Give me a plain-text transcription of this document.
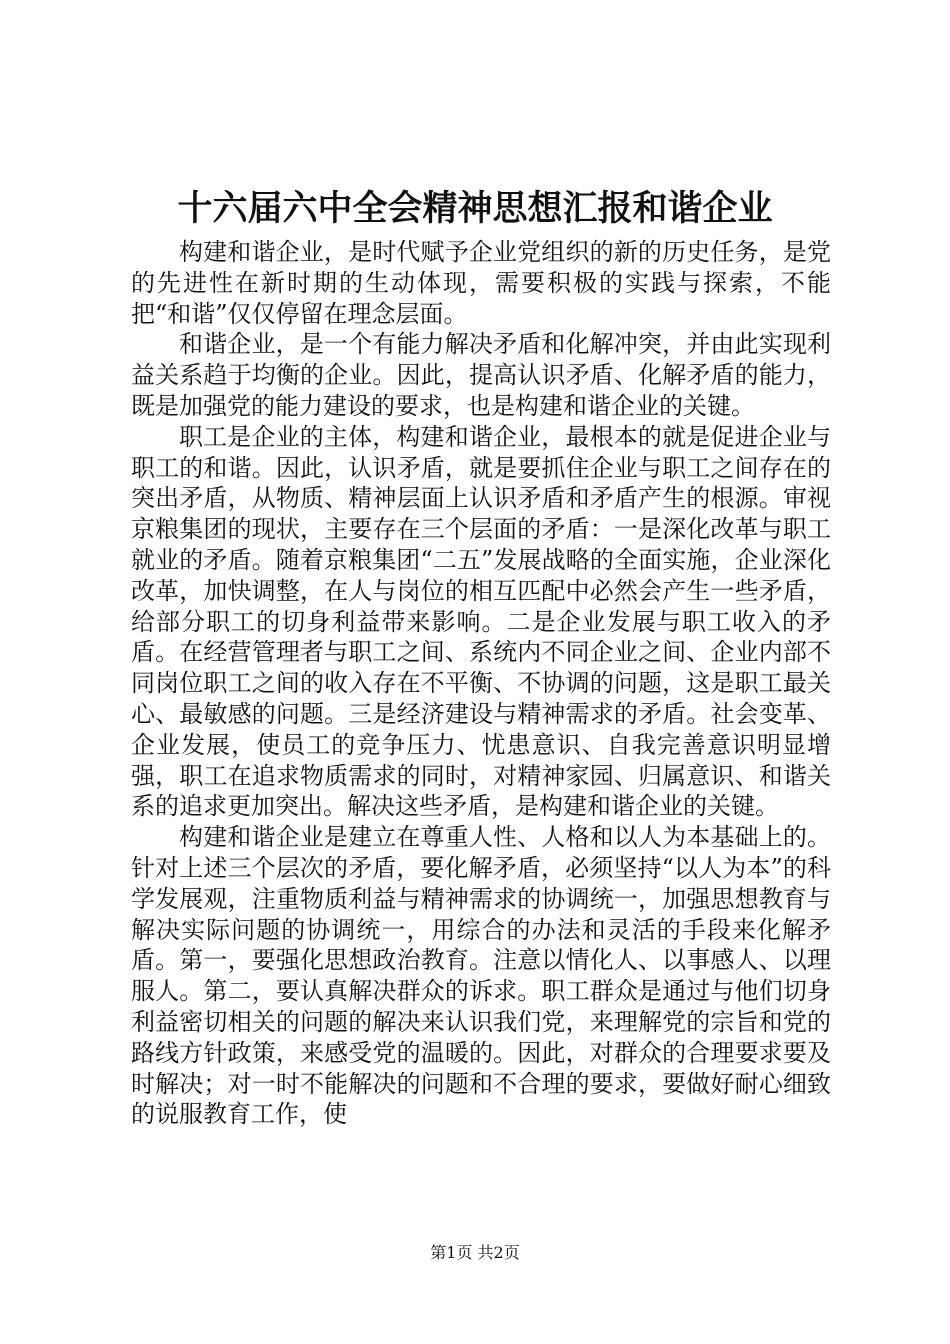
十六届六中全会精神思想汇报和谐企业

构建和谐企业，是时代赋予企业党组织的新的历史任务，是党的先进性在新时期的生动体现，需要积极的实践与探索，不能把“和谐”仅仅停留在理念层面。

和谐企业，是一个有能力解决矛盾和化解冲突，并由此实现利益关系趋于均衡的企业。因此，提高认识矛盾、化解矛盾的能力，既是加强党的能力建设的要求，也是构建和谐企业的关键。

职工是企业的主体，构建和谐企业，最根本的就是促进企业与职工的和谐。因此，认识矛盾，就是要抓住企业与职工之间存在的突出矛盾，从物质、精神层面上认识矛盾和矛盾产生的根源。审视京粮集团的现状，主要存在三个层面的矛盾：一是深化改革与职工就业的矛盾。随着京粮集团“二五”发展战略的全面实施，企业深化改革，加快调整，在人与岗位的相互匹配中必然会产生一些矛盾，给部分职工的切身利益带来影响。二是企业发展与职工收入的矛盾。在经营管理者与职工之间、系统内不同企业之间、企业内部不同岗位职工之间的收入存在不平衡、不协调的问题，这是职工最关心、最敏感的问题。三是经济建设与精神需求的矛盾。社会变革、企业发展，使员工的竞争压力、忧患意识、自我完善意识明显增强，职工在追求物质需求的同时，对精神家园、归属意识、和谐关系的追求更加突出。解决这些矛盾，是构建和谐企业的关键。

构建和谐企业是建立在尊重人性、人格和以人为本基础上的。针对上述三个层次的矛盾，要化解矛盾，必须坚持“以人为本”的科学发展观，注重物质利益与精神需求的协调统一，加强思想教育与解决实际问题的协调统一，用综合的办法和灵活的手段来化解矛盾。第一，要强化思想政治教育。注意以情化人、以事感人、以理服人。第二，要认真解决群众的诉求。职工群众是通过与他们切身利益密切相关的问题的解决来认识我们党，来理解党的宗旨和党的路线方针政策，来感受党的温暖的。因此，对群众的合理要求要及时解决；对一时不能解决的问题和不合理的要求，要做好耐心细致的说服教育工作，使

第1页 共2页
